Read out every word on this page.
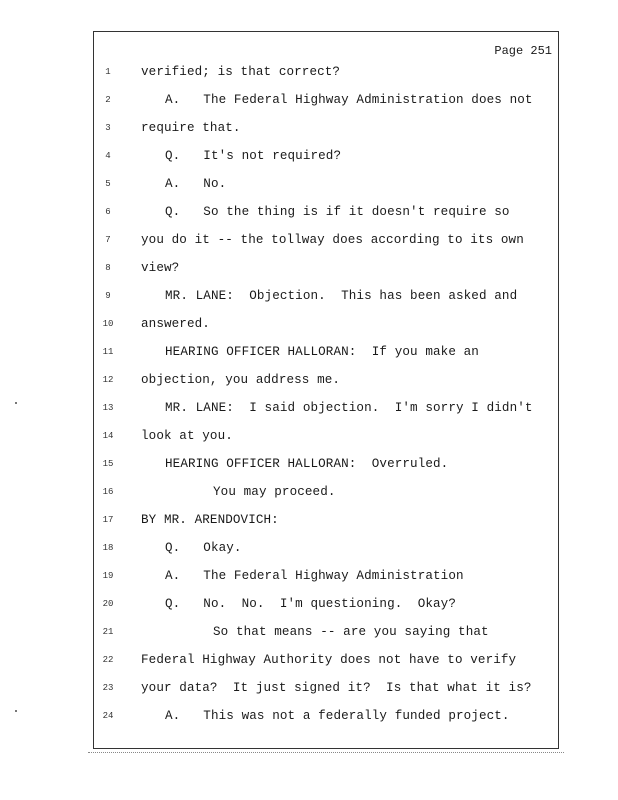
Page 251
1	verified; is that correct?
2	A.   The Federal Highway Administration does not
3	require that.
4	Q.   It's not required?
5	A.   No.
6	Q.   So the thing is if it doesn't require so
7	you do it -- the tollway does according to its own
8	view?
9	MR. LANE:  Objection.  This has been asked and
10	answered.
11	HEARING OFFICER HALLORAN:  If you make an
12	objection, you address me.
13	MR. LANE:  I said objection.  I'm sorry I didn't
14	look at you.
15	HEARING OFFICER HALLORAN:  Overruled.
16	You may proceed.
17	BY MR. ARENDOVICH:
18	Q.   Okay.
19	A.   The Federal Highway Administration
20	Q.   No.  No.  I'm questioning.  Okay?
21	So that means -- are you saying that
22	Federal Highway Authority does not have to verify
23	your data?  It just signed it?  Is that what it is?
24	A.   This was not a federally funded project.
